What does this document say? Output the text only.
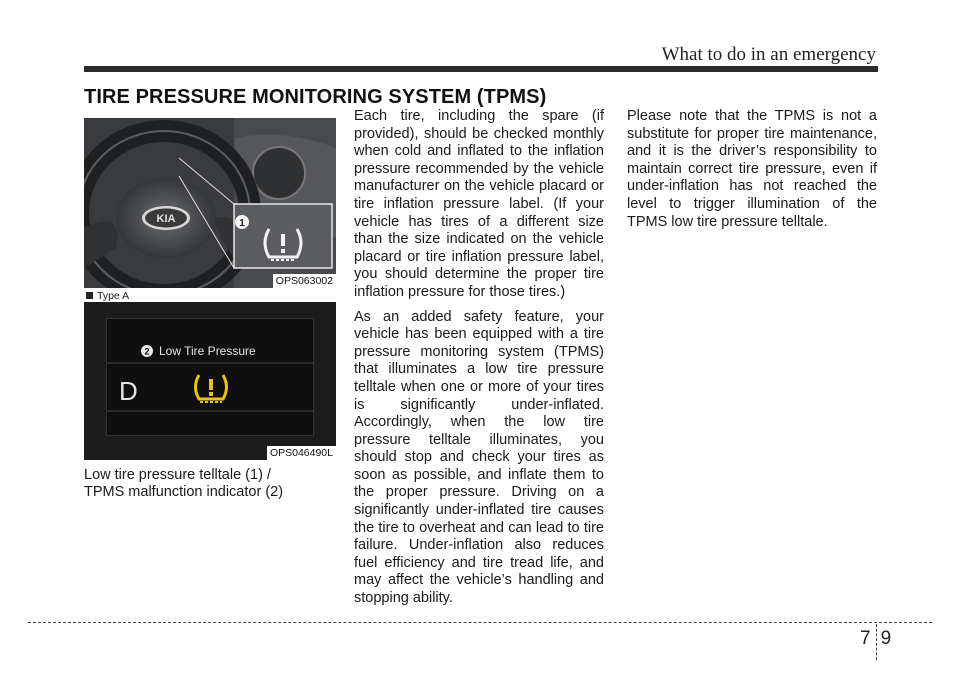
What to do in an emergency
TIRE PRESSURE MONITORING SYSTEM (TPMS)
KIA	1
OPS063002
Type A
2 Low Tire Pressure
D
OPS046490L
Low tire pressure telltale (1) /
TPMS malfunction indicator (2)

Each tire, including the spare (if provided), should be checked monthly when cold and inflated to the inflation pressure recommended by the vehicle manufacturer on the vehicle placard or tire inflation pressure label. (If your vehicle has tires of a different size than the size indicated on the vehicle placard or tire inflation pressure label, you should determine the proper tire inflation pressure for those tires.)

As an added safety feature, your vehicle has been equipped with a tire pressure monitoring system (TPMS) that illuminates a low tire pressure telltale when one or more of your tires is significantly under-inflated. Accordingly, when the low tire pressure telltale illuminates, you should stop and check your tires as soon as possible, and inflate them to the proper pressure. Driving on a significantly under-inflated tire causes the tire to overheat and can lead to tire failure. Under-inflation also reduces fuel efficiency and tire tread life, and may affect the vehicle’s handling and stopping ability.

Please note that the TPMS is not a substitute for proper tire maintenance, and it is the driver’s responsibility to maintain correct tire pressure, even if under-inflation has not reached the level to trigger illumination of the TPMS low tire pressure telltale.

79
